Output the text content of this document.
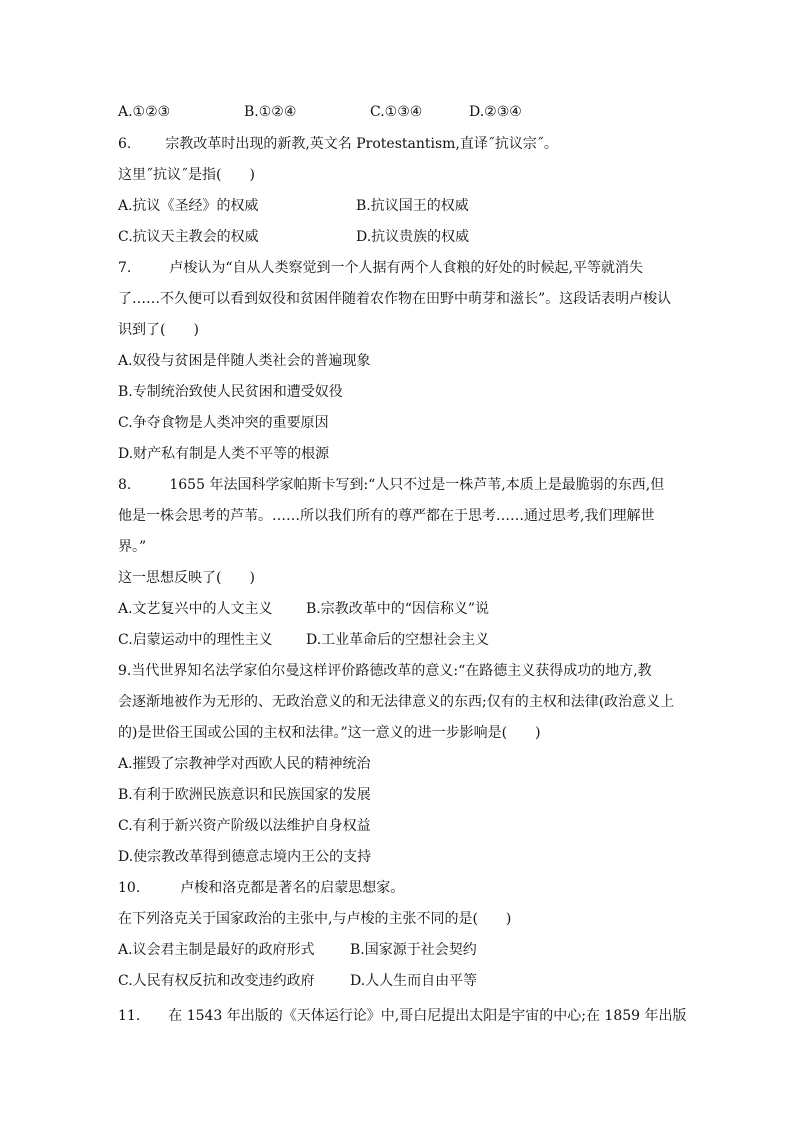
A.①②③	B.①②④	C.①③④	D.②③④
6. 宗教改革时出现的新教,英文名 Protestantism,直译˝抗议宗˝。
这里˝抗议˝是指(　　)
A.抗议《圣经》的权威	B.抗议国王的权威
C.抗议天主教会的权威	D.抗议贵族的权威
7.	卢梭认为“自从人类察觉到一个人据有两个人食粮的好处的时候起,平等就消失
了……不久便可以看到奴役和贫困伴随着农作物在田野中萌芽和滋长”。这段话表明卢梭认
识到了(　　)
A.奴役与贫困是伴随人类社会的普遍现象
B.专制统治致使人民贫困和遭受奴役
C.争夺食物是人类冲突的重要原因
D.财产私有制是人类不平等的根源
8.	1655 年法国科学家帕斯卡写到:“人只不过是一株芦苇,本质上是最脆弱的东西,但
他是一株会思考的芦苇。……所以我们所有的尊严都在于思考……通过思考,我们理解世
界。”
这一思想反映了(　　)
A.文艺复兴中的人文主义 B.宗教改革中的“因信称义”说
C.启蒙运动中的理性主义 D.工业革命后的空想社会主义
9.当代世界知名法学家伯尔曼这样评价路德改革的意义:“在路德主义获得成功的地方,教
会逐渐地被作为无形的、无政治意义的和无法律意义的东西;仅有的主权和法律(政治意义上
的)是世俗王国或公国的主权和法律。”这一意义的进一步影响是(　　)
A.摧毁了宗教神学对西欧人民的精神统治
B.有利于欧洲民族意识和民族国家的发展
C.有利于新兴资产阶级以法维护自身权益
D.使宗教改革得到德意志境内王公的支持
10.	卢梭和洛克都是著名的启蒙思想家。
在下列洛克关于国家政治的主张中,与卢梭的主张不同的是(　　)
A.议会君主制是最好的政府形式	B.国家源于社会契约
C.人民有权反抗和改变违约政府	D.人人生而自由平等
11. 在 1543 年出版的《天体运行论》中,哥白尼提出太阳是宇宙的中心;在 1859 年出版
